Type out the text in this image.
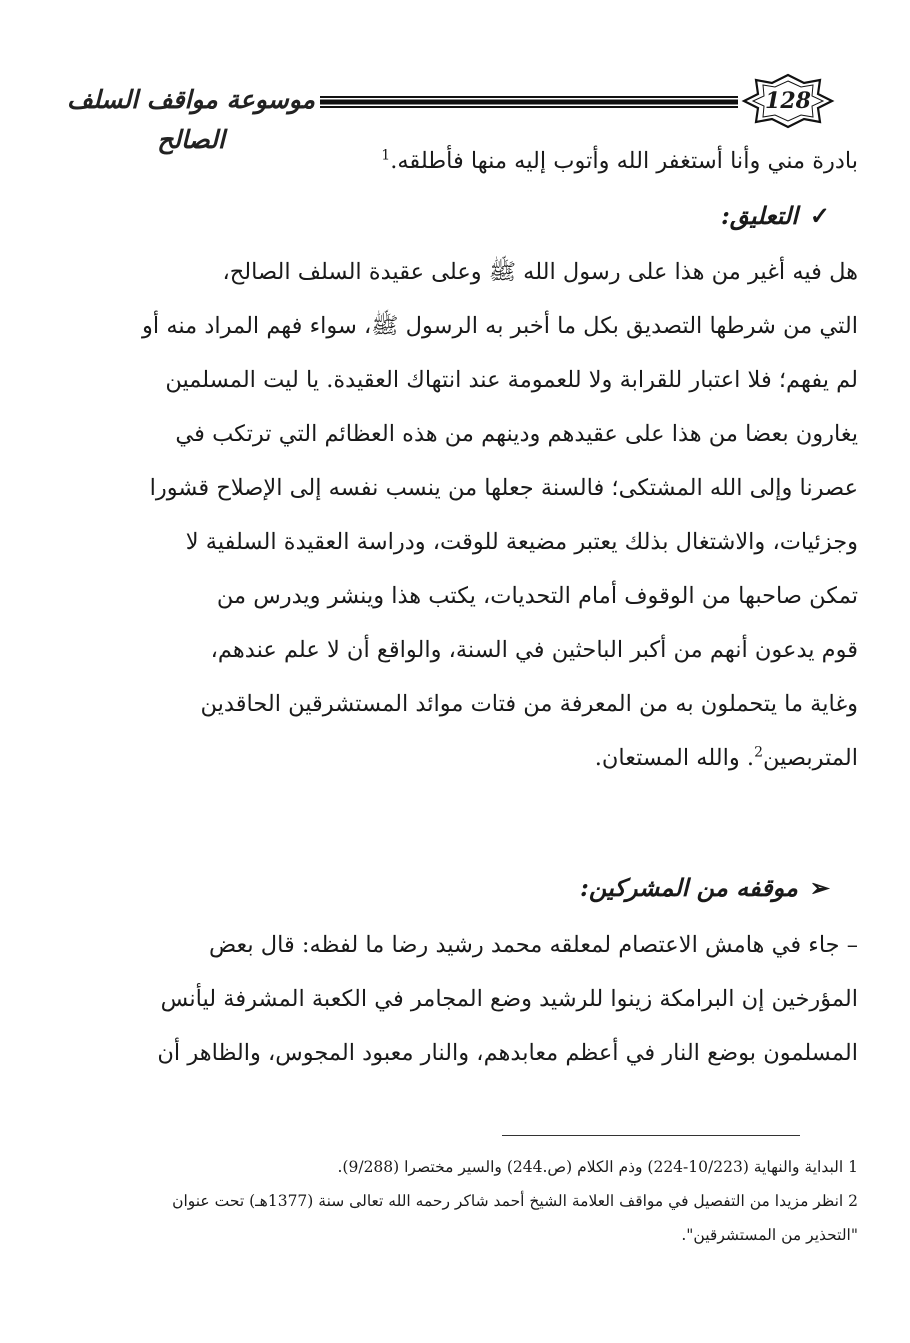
موسوعة مواقف السلف الصالح
128
بادرة مني وأنا أستغفر الله وأتوب إليه منها فأطلقه.$^1$
✓التعليق:
هل فيه أغير من هذا على رسول الله ﷺ وعلى عقيدة السلف الصالح،
التي من شرطها التصديق بكل ما أخبر به الرسول ﷺ، سواء فهم المراد منه أو
لم يفهم؛ فلا اعتبار للقرابة ولا للعمومة عند انتهاك العقيدة. يا ليت المسلمين
يغارون بعضا من هذا على عقيدهم ودينهم من هذه العظائم التي ترتكب في
عصرنا وإلى الله المشتكى؛ فالسنة جعلها من ينسب نفسه إلى الإصلاح قشورا
وجزئيات، والاشتغال بذلك يعتبر مضيعة للوقت، ودراسة العقيدة السلفية لا
تمكن صاحبها من الوقوف أمام التحديات، يكتب هذا وينشر ويدرس من
قوم يدعون أنهم من أكبر الباحثين في السنة، والواقع أن لا علم عندهم،
وغاية ما يتحملون به من المعرفة من فتات موائد المستشرقين الحاقدين
المتربصين$^2$. والله المستعان.
➢موقفه من المشركين:
– جاء في هامش الاعتصام لمعلقه محمد رشيد رضا ما لفظه: قال بعض
المؤرخين إن البرامكة زينوا للرشيد وضع المجامر في الكعبة المشرفة ليأنس
المسلمون بوضع النار في أعظم معابدهم، والنار معبود المجوس، والظاهر أن
1 البداية والنهاية (10/223-224) وذم الكلام (ص.244) والسير مختصرا (9/288).
2 انظر مزيدا من التفصيل في مواقف العلامة الشيخ أحمد شاكر رحمه الله تعالى سنة (1377هـ) تحت عنوان
"التحذير من المستشرقين".
